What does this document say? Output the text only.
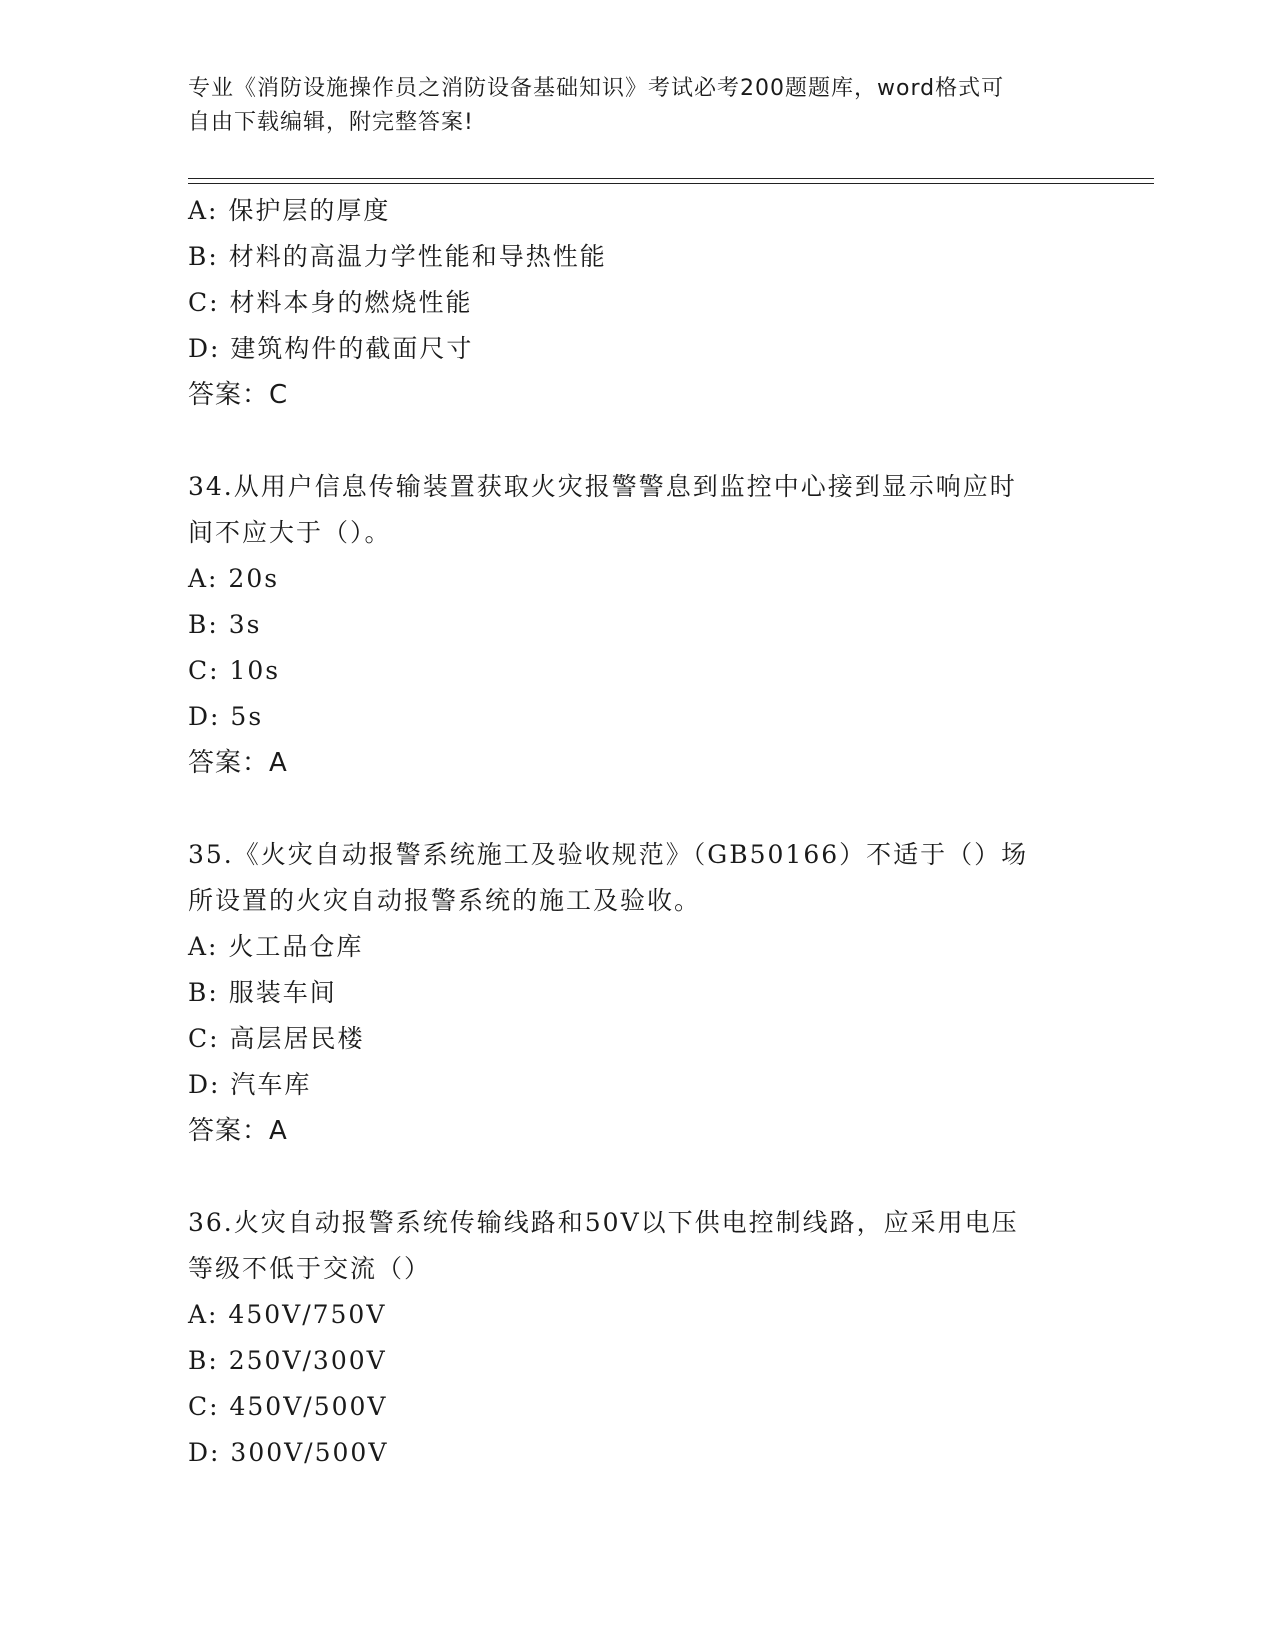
专业《消防设施操作员之消防设备基础知识》考试必考200题题库，word格式可
自由下载编辑，附完整答案!
A: 保护层的厚度
B: 材料的高温力学性能和导热性能
C: 材料本身的燃烧性能
D: 建筑构件的截面尺寸
答案：C
34.从用户信息传输装置获取火灾报警警息到监控中心接到显示响应时
间不应大于（）。
A: 20s
B: 3s
C: 10s
D: 5s
答案：A
35.《火灾自动报警系统施工及验收规范》（GB50166）不适于（）场
所设置的火灾自动报警系统的施工及验收。
A: 火工品仓库
B: 服装车间
C: 高层居民楼
D: 汽车库
答案：A
36.火灾自动报警系统传输线路和50V以下供电控制线路，应采用电压
等级不低于交流（）
A: 450V/750V
B: 250V/300V
C: 450V/500V
D: 300V/500V
